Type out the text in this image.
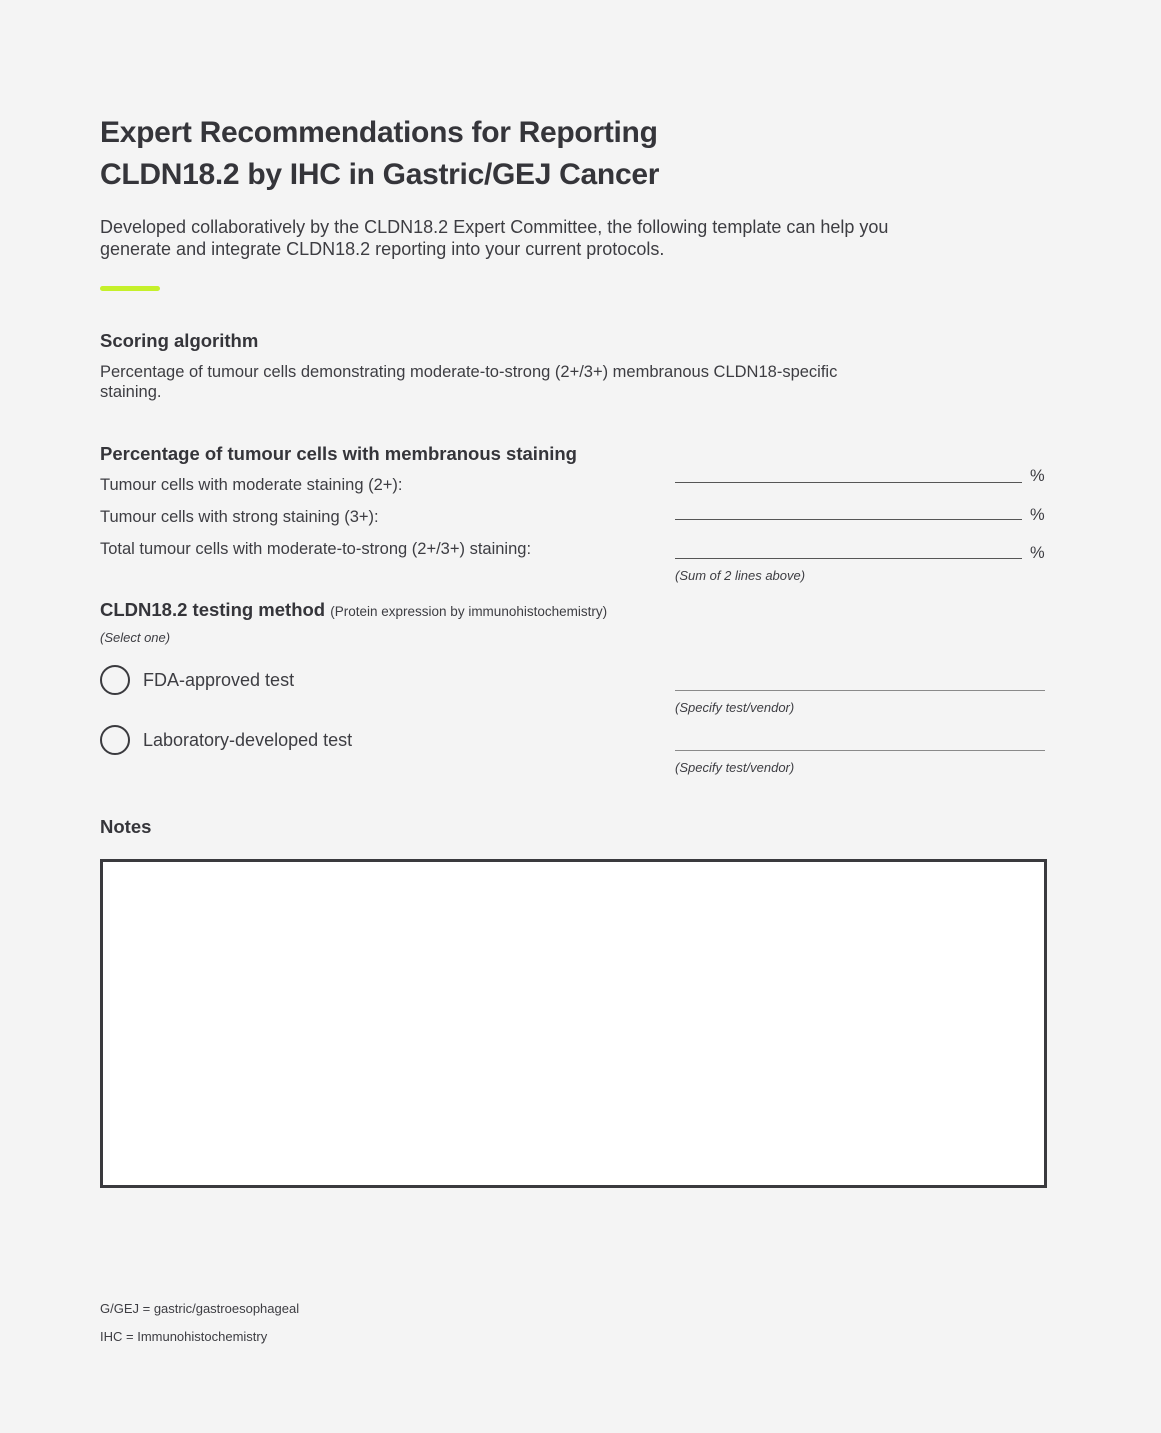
Expert Recommendations for Reporting
CLDN18.2 by IHC in Gastric/GEJ Cancer

Developed collaboratively by the CLDN18.2 Expert Committee, the following template can help you generate and integrate CLDN18.2 reporting into your current protocols.

Scoring algorithm

Percentage of tumour cells demonstrating moderate-to-strong (2+/3+) membranous CLDN18-specific staining.

Percentage of tumour cells with membranous staining
Tumour cells with moderate staining (2+):	%
Tumour cells with strong staining (3+):	%
Total tumour cells with moderate-to-strong (2+/3+) staining:	%

(Sum of 2 lines above)

CLDN18.2 testing method (Protein expression by immunohistochemistry)

(Select one)

FDA-approved test

(Specify test/vendor)

Laboratory-developed test

(Specify test/vendor)

Notes
G/GEJ = gastric/gastroesophageal
IHC = Immunohistochemistry
